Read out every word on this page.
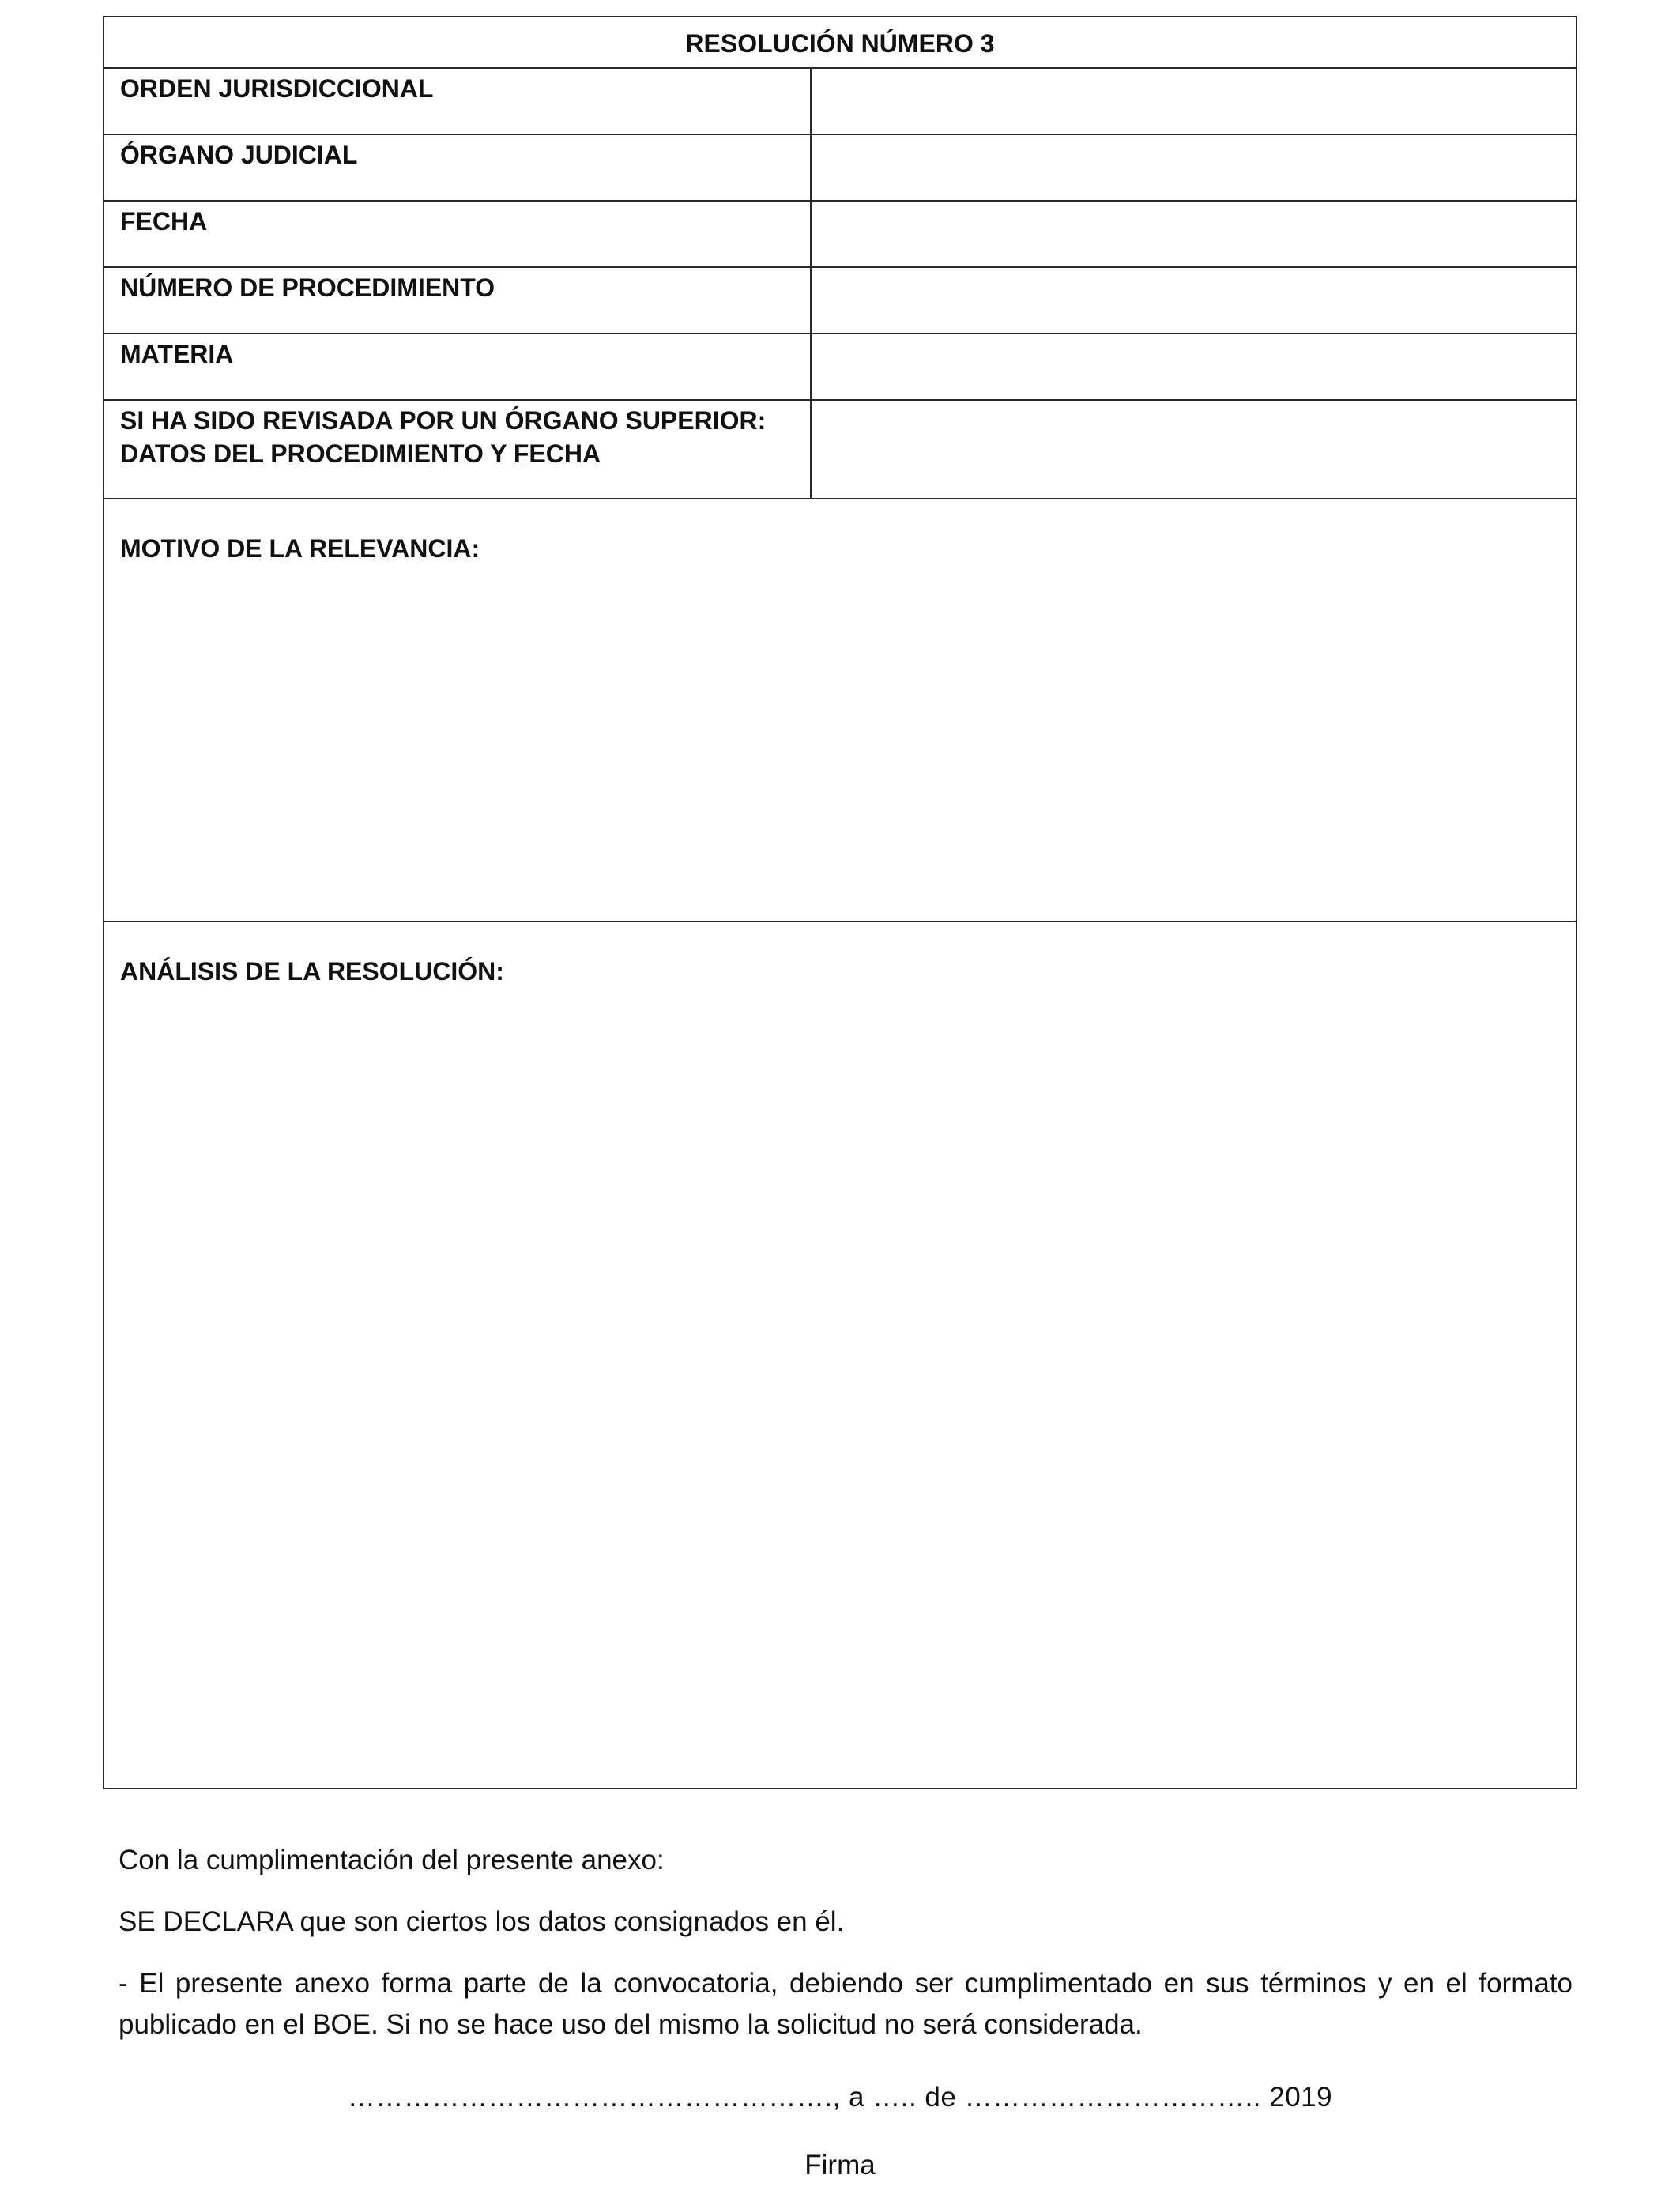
RESOLUCIÓN NÚMERO 3
ORDEN JURISDICCIONAL
ÓRGANO JUDICIAL
FECHA
NÚMERO DE PROCEDIMIENTO
MATERIA
SI HA SIDO REVISADA POR UN ÓRGANO SUPERIOR:
DATOS DEL PROCEDIMIENTO Y FECHA
MOTIVO DE LA RELEVANCIA:
ANÁLISIS DE LA RESOLUCIÓN:
Con la cumplimentación del presente anexo:
SE DECLARA que son ciertos los datos consignados en él.
- El presente anexo forma parte de la convocatoria, debiendo ser cumplimentado en sus términos y en el formato publicado en el BOE. Si no se hace uso del mismo la solicitud no será considerada.
……………………………………………., a ….. de ………………………….. 2019
Firma
